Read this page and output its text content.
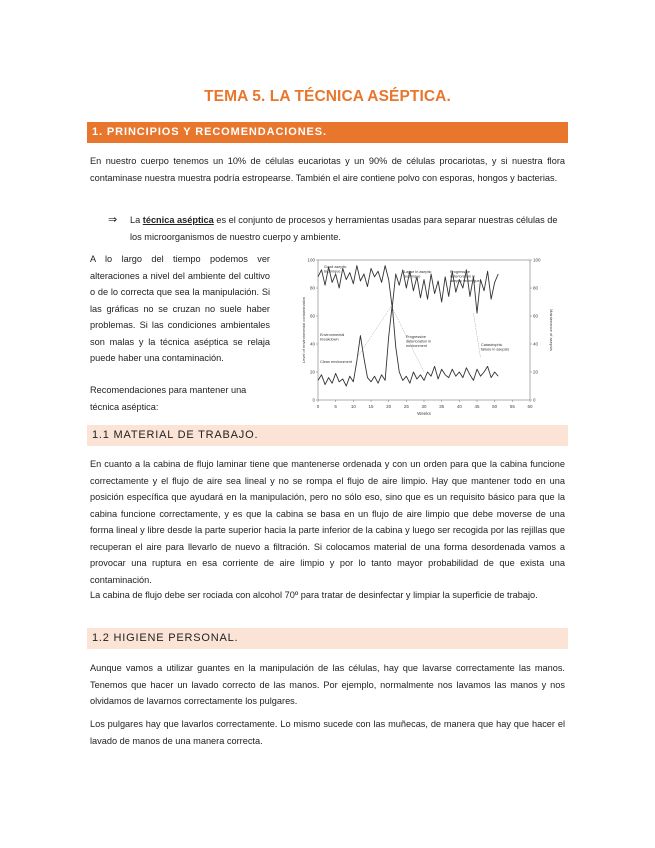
TEMA 5. LA TÉCNICA ASÉPTICA.
1. PRINCIPIOS Y RECOMENDACIONES.

En nuestro cuerpo tenemos un 10% de células eucariotas y un 90% de células procariotas, y si nuestra flora contaminase nuestra muestra podría estropearse. También el aire contiene polvo con esporas, hongos y bacterias.

⇒ La técnica aséptica es el conjunto de procesos y herramientas usadas para separar nuestras células de los microorganismos de nuestro cuerpo y ambiente.

A lo largo del tiempo podemos ver alteraciones a nivel del ambiente del cultivo o de lo correcta que sea la manipulación. Si las gráficas no se cruzan no suele haber problemas. Si las condiciones ambientales son malas y la técnica aséptica se relaja puede haber una contaminación.

Recomendaciones para mantener una técnica aséptica:	0	5	10	15	20	25	30	35	40	45	50	55	60
0
20
40
60
80
100
0
20
40
60
80
100
Weeks
Level of environmental contamination	Maintenance of asepsis
Good aseptic technique	Lapse in aseptic technique
Progressive deterioration in aseptic technique
Environmental breakdown
Clean environment
Progressive deterioration in environment	Catastrophic failure in asepsis
1.1 MATERIAL DE TRABAJO.

En cuanto a la cabina de flujo laminar tiene que mantenerse ordenada y con un orden para que la cabina funcione correctamente y el flujo de aire sea lineal y no se rompa el flujo de aire limpio. Hay que mantener todo en una posición específica que ayudará en la manipulación, pero no sólo eso, sino que es un requisito básico para que la cabina funcione correctamente, y es que la cabina se basa en un flujo de aire limpio que debe moverse de una forma lineal y libre desde la parte superior hacia la parte inferior de la cabina y luego ser recogida por las rejillas que recuperan el aire para llevarlo de nuevo a filtración. Si colocamos material de una forma desordenada vamos a provocar una ruptura en esa corriente de aire limpio y por lo tanto mayor probabilidad de que exista una contaminación.

La cabina de flujo debe ser rociada con alcohol 70º para tratar de desinfectar y limpiar la superficie de trabajo.

1.2 HIGIENE PERSONAL.

Aunque vamos a utilizar guantes en la manipulación de las células, hay que lavarse correctamente las manos. Tenemos que hacer un lavado correcto de las manos. Por ejemplo, normalmente nos lavamos las manos y nos olvidamos de lavarnos correctamente los pulgares.

Los pulgares hay que lavarlos correctamente. Lo mismo sucede con las muñecas, de manera que hay que hacer el lavado de manos de una manera correcta.
